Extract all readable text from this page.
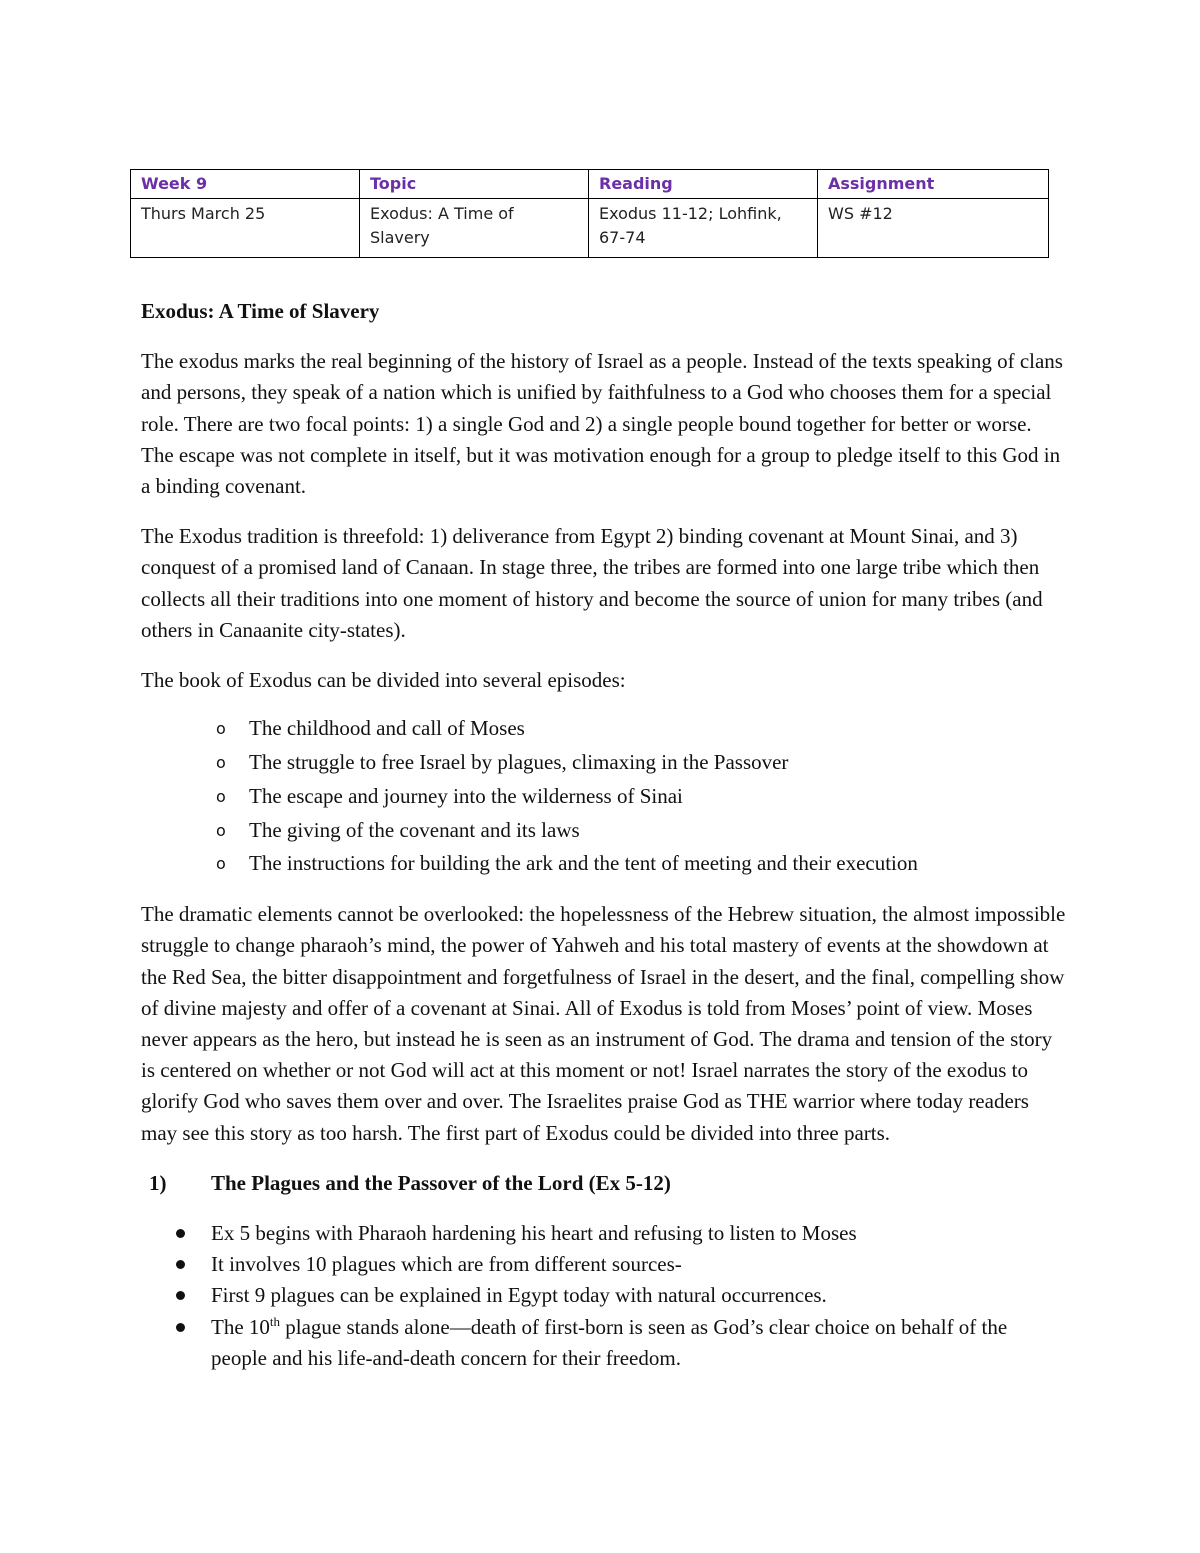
Week 9	Topic	Reading	Assignment
Thurs March 25	Exodus: A Time of Slavery	Exodus 11-12; Lohfink, 67-74	WS #12

Exodus: A Time of Slavery

The exodus marks the real beginning of the history of Israel as a people. Instead of the texts speaking of clans and persons, they speak of a nation which is unified by faithfulness to a God who chooses them for a special role. There are two focal points: 1) a single God and 2) a single people bound together for better or worse. The escape was not complete in itself, but it was motivation enough for a group to pledge itself to this God in a binding covenant.

The Exodus tradition is threefold: 1) deliverance from Egypt 2) binding covenant at Mount Sinai, and 3) conquest of a promised land of Canaan. In stage three, the tribes are formed into one large tribe which then collects all their traditions into one moment of history and become the source of union for many tribes (and others in Canaanite city-states).

The book of Exodus can be divided into several episodes:

o The childhood and call of Moses
o The struggle to free Israel by plagues, climaxing in the Passover
o The escape and journey into the wilderness of Sinai
o The giving of the covenant and its laws
o The instructions for building the ark and the tent of meeting and their execution

The dramatic elements cannot be overlooked: the hopelessness of the Hebrew situation, the almost impossible struggle to change pharaoh’s mind, the power of Yahweh and his total mastery of events at the showdown at the Red Sea, the bitter disappointment and forgetfulness of Israel in the desert, and the final, compelling show of divine majesty and offer of a covenant at Sinai. All of Exodus is told from Moses’ point of view. Moses never appears as the hero, but instead he is seen as an instrument of God. The drama and tension of the story is centered on whether or not God will act at this moment or not! Israel narrates the story of the exodus to glorify God who saves them over and over. The Israelites praise God as THE warrior where today readers may see this story as too harsh. The first part of Exodus could be divided into three parts.

1) The Plagues and the Passover of the Lord (Ex 5-12)

Ex 5 begins with Pharaoh hardening his heart and refusing to listen to Moses
It involves 10 plagues which are from different sources-
First 9 plagues can be explained in Egypt today with natural occurrences.
The 10th plague stands alone—death of first-born is seen as God’s clear choice on behalf of the people and his life-and-death concern for their freedom.
